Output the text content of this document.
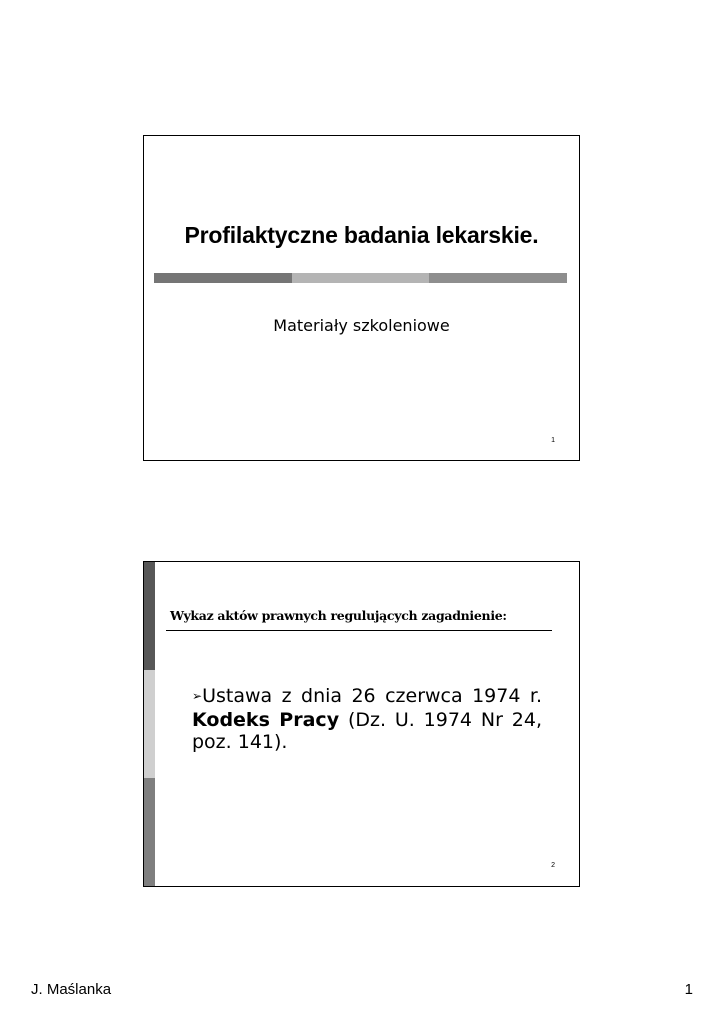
Profilaktyczne badania lekarskie.
Materiały szkoleniowe
1
Wykaz aktów prawnych regulujących zagadnienie:
➢Ustawa z dnia 26 czerwca 1974 r. Kodeks Pracy (Dz. U. 1974 Nr 24, poz. 141).
2
J. Maślanka	1
